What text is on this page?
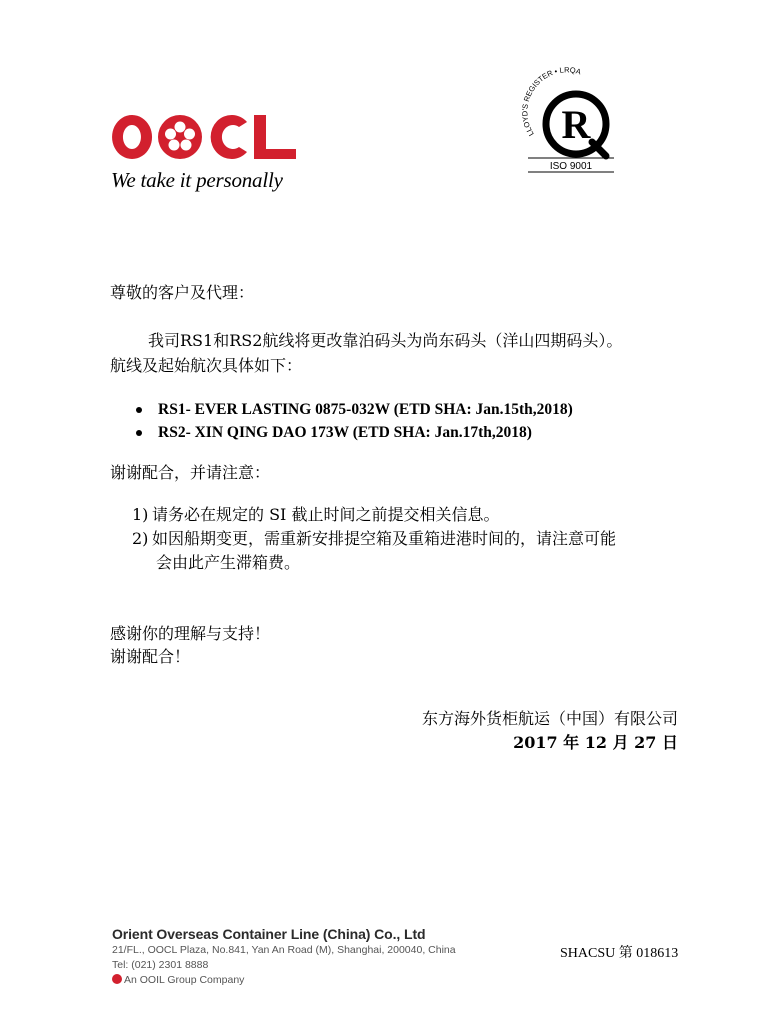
We take it personally
LLOYD'S REGISTER • LRQA
R
ISO 9001
尊敬的客户及代理：
我司RS1和RS2航线将更改靠泊码头为尚东码头（洋山四期码头）。
航线及起始航次具体如下：
RS1- EVER LASTING 0875-032W (ETD SHA: Jan.15th,2018)
RS2- XIN QING DAO 173W (ETD SHA: Jan.17th,2018)
谢谢配合，并请注意：
1) 请务必在规定的 SI 截止时间之前提交相关信息。
2) 如因船期变更，需重新安排提空箱及重箱进港时间的，请注意可能
会由此产生滞箱费。
感谢你的理解与支持！
谢谢配合！
东方海外货柜航运（中国）有限公司
2017 年 12 月 27 日
Orient Overseas Container Line (China) Co., Ltd
21/FL., OOCL Plaza, No.841, Yan An Road (M), Shanghai, 200040, China
Tel: (021) 2301 8888
An OOIL Group Company
SHACSU 第 018613
